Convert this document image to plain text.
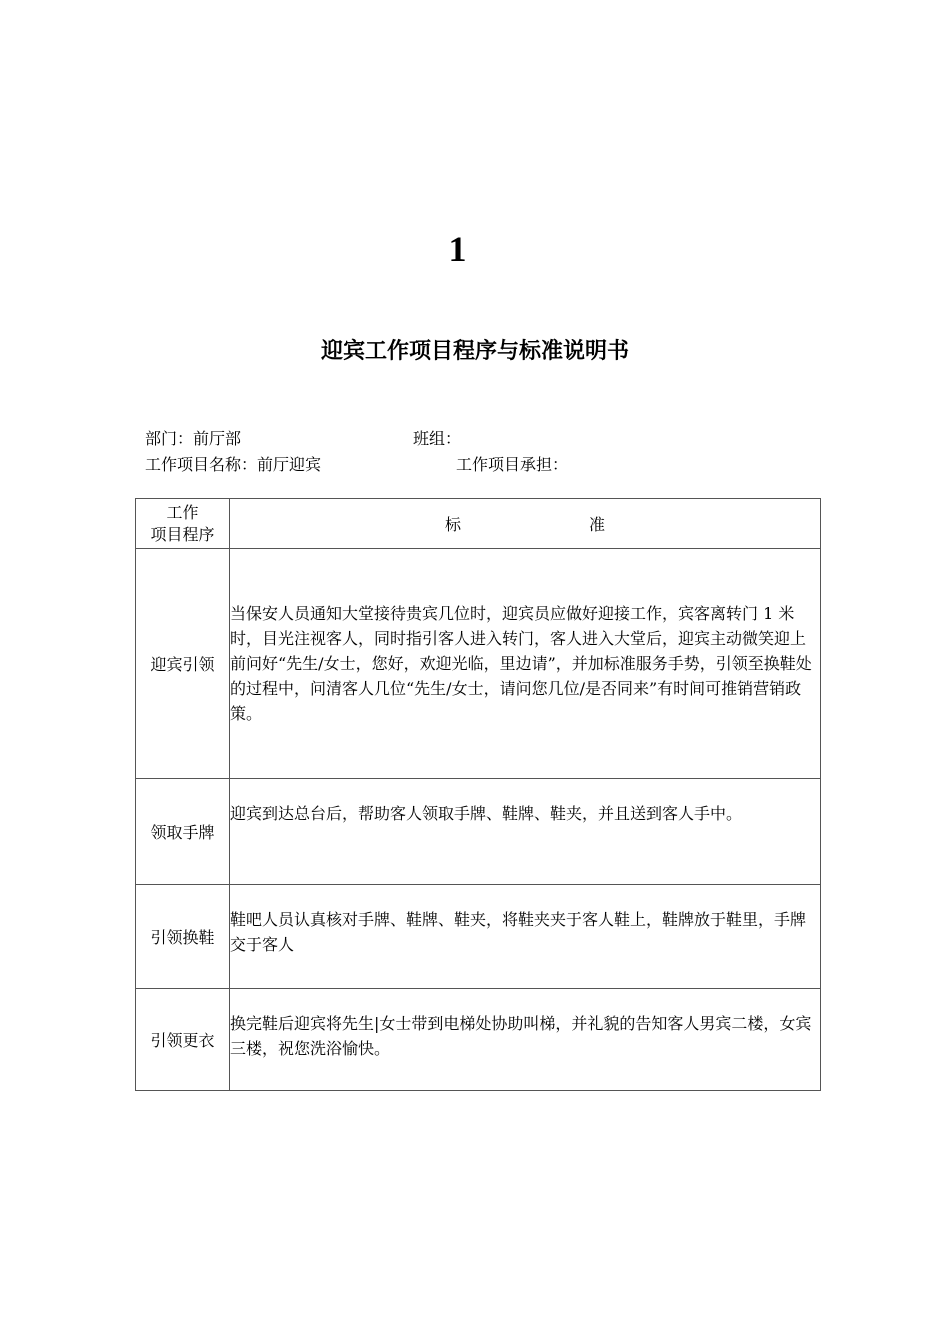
1
迎宾工作项目程序与标准说明书
部门：前厅部	班组：
工作项目名称：前厅迎宾	工作项目承担：
工作
项目程序	标 准
迎宾引领	当保安人员通知大堂接待贵宾几位时，迎宾员应做好迎接工作，宾客离转门 1 米时，目光注视客人，同时指引客人进入转门，客人进入大堂后，迎宾主动微笑迎上前问好“先生/女士，您好，欢迎光临，里边请”，并加标准服务手势，引领至换鞋处的过程中，问清客人几位“先生/女士，请问您几位/是否同来”有时间可推销营销政策。
领取手牌	迎宾到达总台后，帮助客人领取手牌、鞋牌、鞋夹，并且送到客人手中。
引领换鞋	鞋吧人员认真核对手牌、鞋牌、鞋夹，将鞋夹夹于客人鞋上，鞋牌放于鞋里，手牌交于客人
引领更衣	换完鞋后迎宾将先生|女士带到电梯处协助叫梯，并礼貌的告知客人男宾二楼，女宾三楼，祝您洗浴愉快。
